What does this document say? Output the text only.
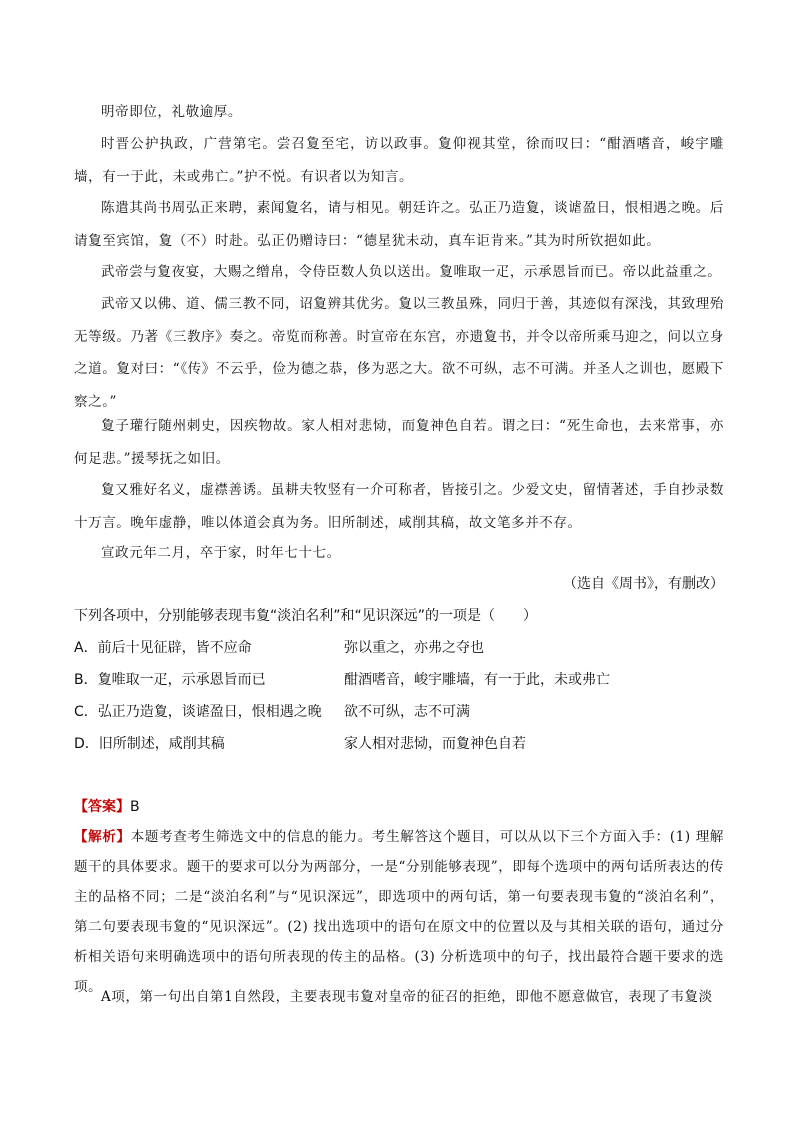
明帝即位，礼敬逾厚。
时晋公护执政，广营第宅。尝召夐至宅，访以政事。夐仰视其堂，徐而叹曰：“酣酒嗜音，峻宇雕墙，有一于此，未或弗亡。”护不悦。有识者以为知言。
陈遣其尚书周弘正来聘，素闻夐名，请与相见。朝廷许之。弘正乃造夐，谈谑盈日，恨相遇之晚。后请夐至宾馆，夐（不）时赴。弘正仍赠诗曰：“德星犹未动，真车讵肯来。”其为时所钦挹如此。
武帝尝与夐夜宴，大赐之缯帛，令侍臣数人负以送出。夐唯取一疋，示承恩旨而已。帝以此益重之。
武帝又以佛、道、儒三教不同，诏夐辨其优劣。夐以三教虽殊，同归于善，其迹似有深浅，其致理殆无等级。乃著《三教序》奏之。帝览而称善。时宣帝在东宫，亦遗夐书，并令以帝所乘马迎之，问以立身之道。夐对曰：“《传》不云乎，俭为德之恭，侈为恶之大。欲不可纵，志不可满。并圣人之训也，愿殿下察之。”
夐子瓘行随州刺史，因疾物故。家人相对悲恸，而夐神色自若。谓之曰：“死生命也，去来常事，亦何足悲。”援琴抚之如旧。
夐又雅好名义，虚襟善诱。虽耕夫牧竖有一介可称者，皆接引之。少爱文史，留情著述，手自抄录数十万言。晚年虚静，唯以体道会真为务。旧所制述，咸削其稿，故文笔多并不存。
宣政元年二月，卒于家，时年七十七。
（选自《周书》，有删改）
下列各项中，分别能够表现韦夐“淡泊名利”和“见识深远”的一项是（　　）
A．前后十见征辟，皆不应命	弥以重之，亦弗之夺也
B．夐唯取一疋，示承恩旨而已	酣酒嗜音，峻宇雕墙，有一于此，未或弗亡
C．弘正乃造夐，谈谑盈日，恨相遇之晚 欲不可纵，志不可满
D．旧所制述，咸削其稿	家人相对悲恸，而夐神色自若
【答案】B
【解析】本题考查考生筛选文中的信息的能力。考生解答这个题目，可以从以下三个方面入手：(1) 理解题干的具体要求。题干的要求可以分为两部分，一是“分别能够表现”，即每个选项中的两句话所表达的传主的品格不同；二是“淡泊名利”与“见识深远”，即选项中的两句话，第一句要表现韦夐的“淡泊名利”，第二句要表现韦夐的“见识深远”。(2) 找出选项中的语句在原文中的位置以及与其相关联的语句，通过分析相关语句来明确选项中的语句所表现的传主的品格。(3) 分析选项中的句子，找出最符合题干要求的选项。
A项，第一句出自第1自然段，主要表现韦夐对皇帝的征召的拒绝，即他不愿意做官，表现了韦夐淡
